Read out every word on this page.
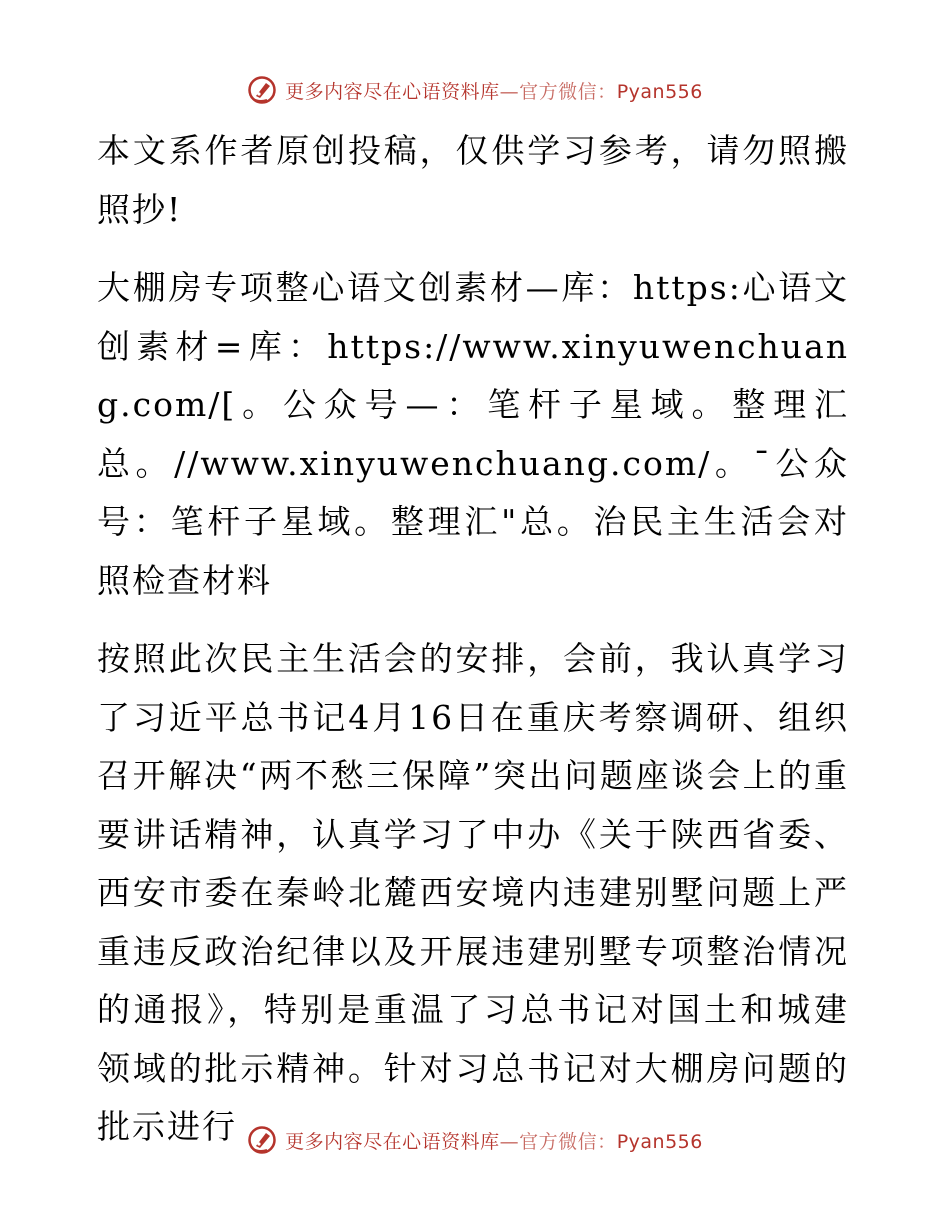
更多内容尽在心语资料库—官方微信：Pyan556

本文系作者原创投稿，仅供学习参考，请勿照搬照抄!

大棚房专项整心语文创素材—库：https:心语文创素材=库：https://www.xinyuwenchuang.com/[。公众号—：笔杆子星域。整理汇总。//www.xinyuwenchuang.com/。¯公众号：笔杆子星域。整理汇"总。治民主生活会对照检查材料

按照此次民主生活会的安排，会前，我认真学习了习近平总书记4月16日在重庆考察调研、组织召开解决“两不愁三保障”突出问题座谈会上的重要讲话精神，认真学习了中办《关于陕西省委、西安市委在秦岭北麓西安境内违建别墅问题上严重违反政治纪律以及开展违建别墅专项整治情况的通报》，特别是重温了习总书记对国土和城建领域的批示精神。针对习总书记对大棚房问题的批示进行	更多内容尽在心语资料库—官方微信：Pyan556
